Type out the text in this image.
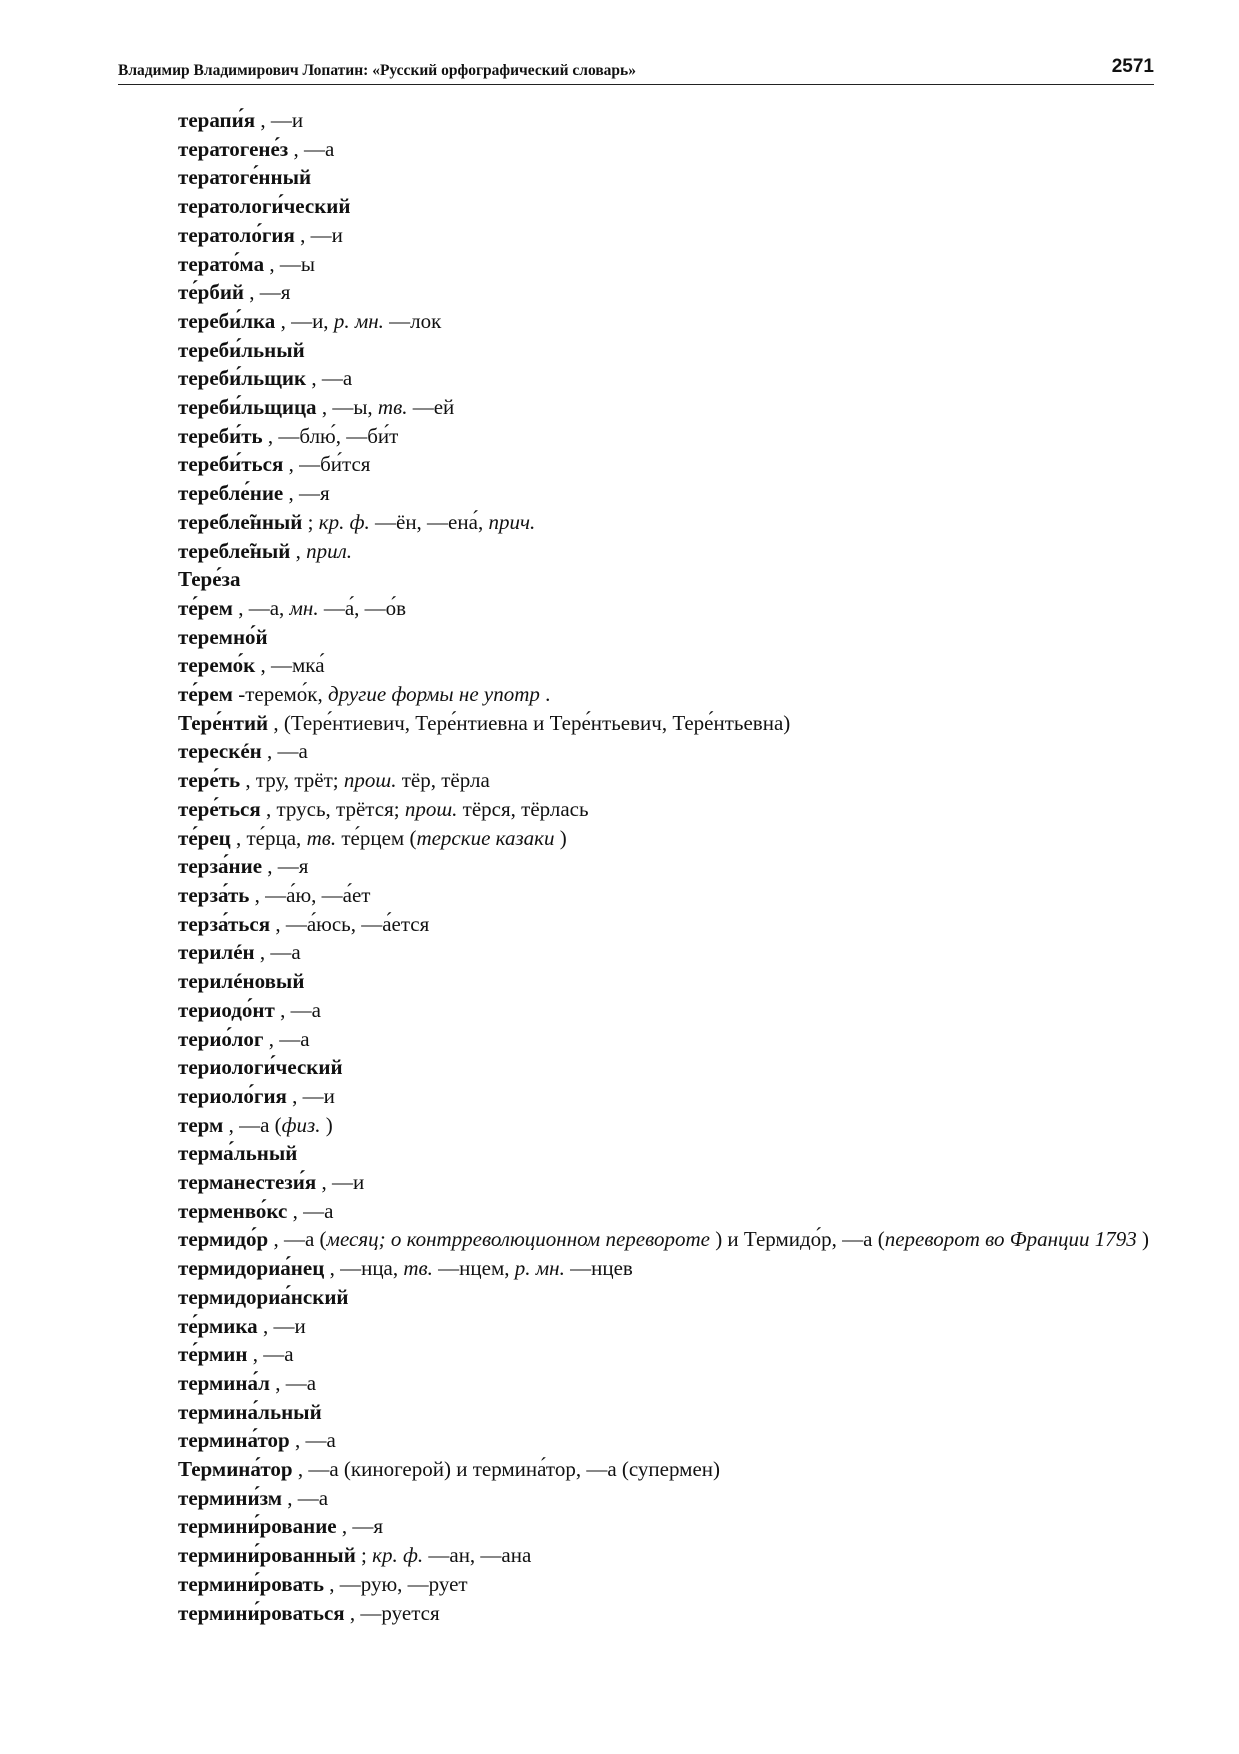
Владимир Владимирович Лопатин: «Русский орфографический словарь»	2571
терапи́я , —и
тератогене́з , —а
тератоге́нный
тератологи́ческий
тератоло́гия , —и
терато́ма , —ы
те́рбий , —я
тереби́лка , —и, р. мн. —лок
тереби́льный
тереби́льщик , —а
тереби́льщица , —ы, тв. —ей
тереби́ть , —блю́, —би́т
тереби́ться , —би́тся
теребле́ние , —я
теребле̃нный ; кр. ф. —ён, —ена́, прич.
теребле̃ный , прил.
Тере́за
те́рем , —а, мн. —а́, —о́в
теремно́й
теремо́к , —мка́
те́рем -теремо́к, другие формы не употр .
Тере́нтий , (Тере́нтиевич, Тере́нтиевна и Тере́нтьевич, Тере́нтьевна)
терескéн , —а
тере́ть , тру, трёт; прош. тёр, тёрла
тере́ться , трусь, трётся; прош. тёрся, тёрлась
те́рец , те́рца, тв. те́рцем (терские казаки )
терза́ние , —я
терза́ть , —а́ю, —а́ет
терза́ться , —а́юсь, —а́ется
терилéн , —а
терилéновый
териодо́нт , —а
терио́лог , —а
териологи́ческий
териоло́гия , —и
терм , —а (физ. )
терма́льный
терманестези́я , —и
терменво́кс , —а
термидо́р , —а (месяц; о контрреволюционном перевороте ) и Термидо́р, —а (переворот во Франции 1793 )
термидориа́нец , —нца, тв. —нцем, р. мн. —нцев
термидориа́нский
те́рмика , —и
те́рмин , —а
термина́л , —а
термина́льный
термина́тор , —а
Термина́тор , —а (киногерой) и термина́тор, —а (супермен)
термини́зм , —а
термини́рование , —я
термини́рованный ; кр. ф. —ан, —ана
термини́ровать , —рую, —рует
термини́роваться , —руется
